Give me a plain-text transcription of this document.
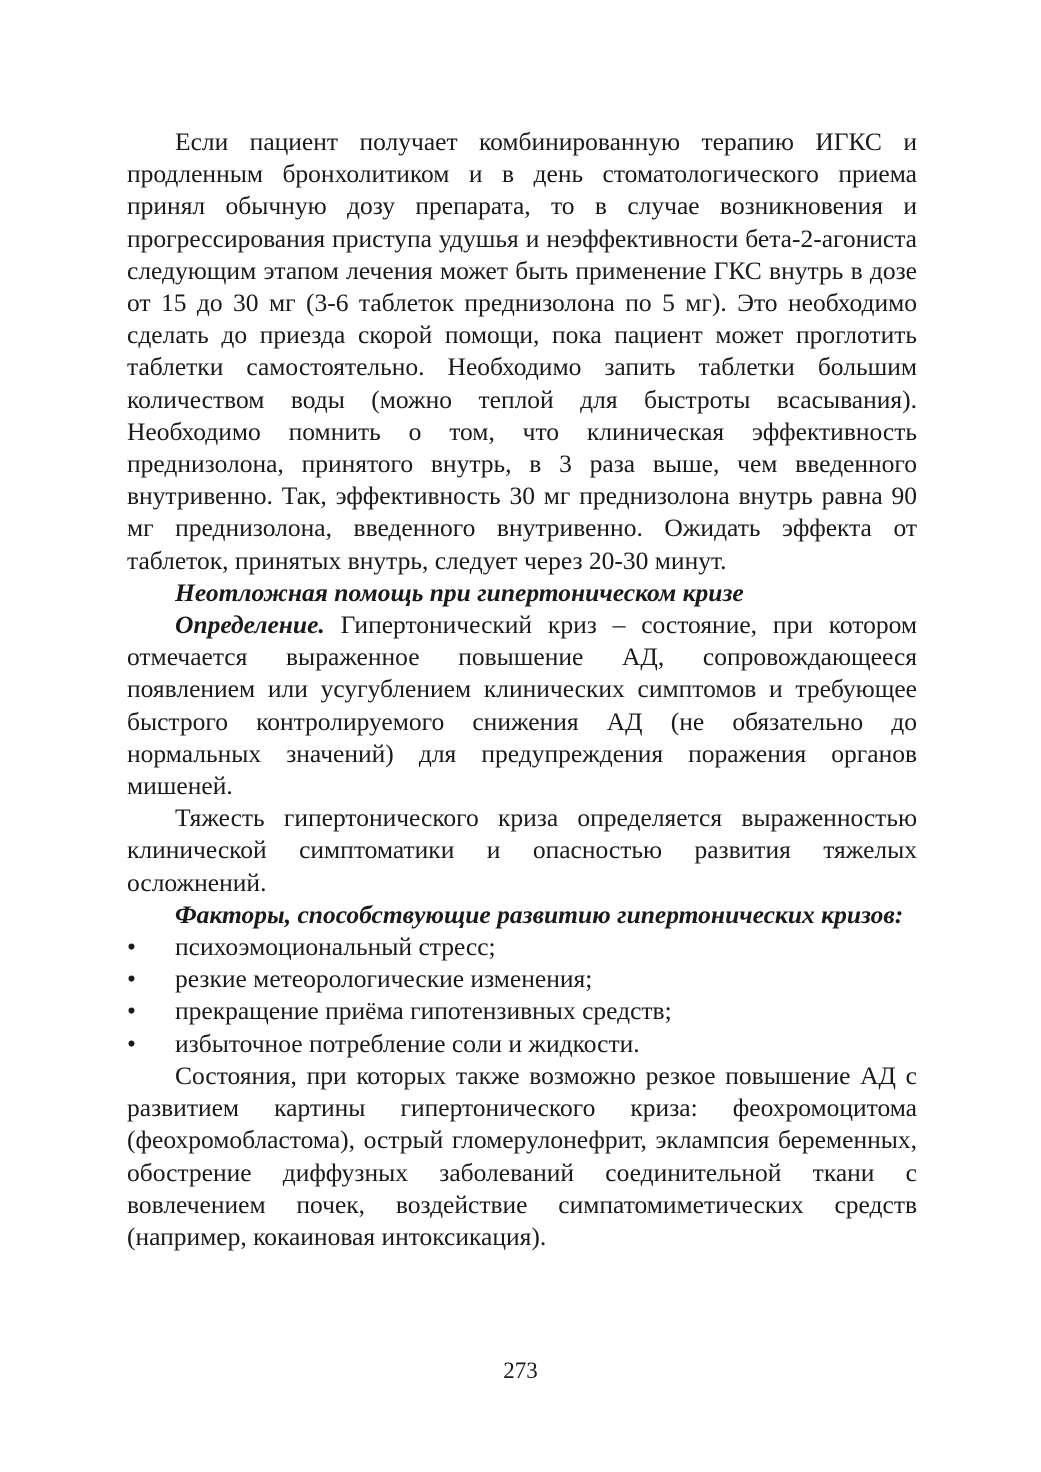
Если пациент получает комбинированную терапию ИГКС и продленным бронхолитиком и в день стоматологического приема принял обычную дозу препарата, то в случае возникновения и прогрессирования приступа удушья и неэффективности бета-2-агониста следующим этапом лечения может быть применение ГКС внутрь в дозе от 15 до 30 мг (3-6 таблеток преднизолона по 5 мг). Это необходимо сделать до приезда скорой помощи, пока пациент может проглотить таблетки самостоятельно. Необходимо запить таблетки большим количеством воды (можно теплой для быстроты всасывания). Необходимо помнить о том, что клиническая эффективность преднизолона, принятого внутрь, в 3 раза выше, чем введенного внутривенно. Так, эффективность 30 мг преднизолона внутрь равна 90 мг преднизолона, введенного внутривенно. Ожидать эффекта от таблеток, принятых внутрь, следует через 20-30 минут.

Неотложная помощь при гипертоническом кризе

Определение. Гипертонический криз – состояние, при котором отмечается выраженное повышение АД, сопровождающееся появлением или усугублением клинических симптомов и требующее быстрого контролируемого снижения АД (не обязательно до нормальных значений) для предупреждения поражения органов мишеней.

Тяжесть гипертонического криза определяется выраженностью клинической симптоматики и опасностью развития тяжелых осложнений.

Факторы, способствующие развитию гипертонических кризов:
• психоэмоциональный стресс;
• резкие метеорологические изменения;
• прекращение приёма гипотензивных средств;
• избыточное потребление соли и жидкости.

Состояния, при которых также возможно резкое повышение АД с развитием картины гипертонического криза: феохромоцитома (феохромобластома), острый гломерулонефрит, эклампсия беременных, обострение диффузных заболеваний соединительной ткани с вовлечением почек, воздействие симпатомиметических средств (например, кокаиновая интоксикация).

273
